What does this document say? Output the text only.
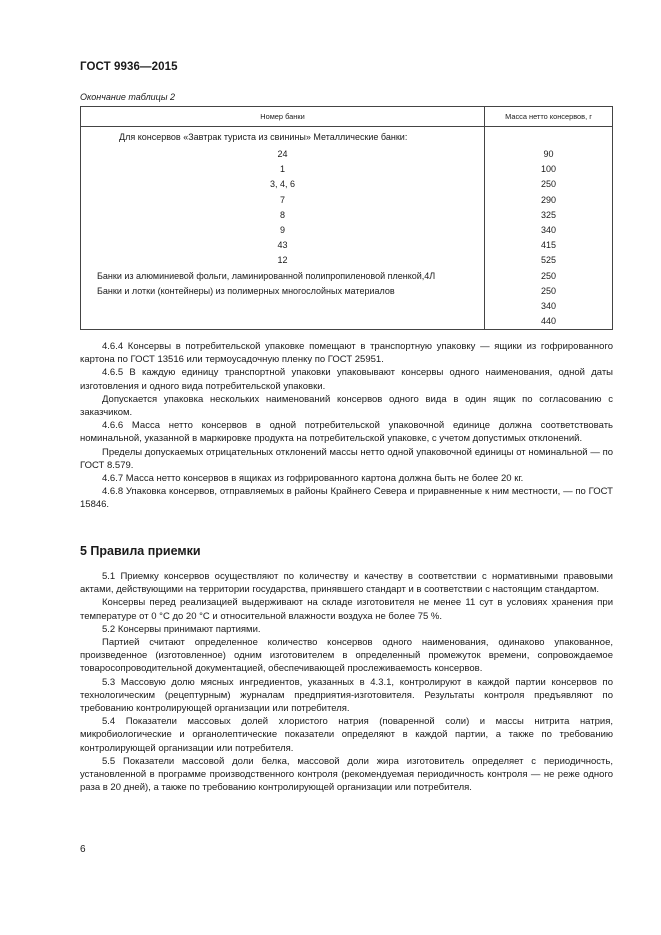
ГОСТ 9936—2015
Окончание таблицы 2
Номер банки	Масса нетто консервов, г
Для консервов «Завтрак туриста из свинины» Металлические банки:	
24	90
1	100
3, 4, 6	250
7	290
8	325
9	340
43	415
12	525
Банки из алюминиевой фольги, ламинированной полипропиленовой пленкой,4Л	250
Банки и лотки (контейнеры) из полимерных многослойных материалов	250
	340
	440

4.6.4 Консервы в потребительской упаковке помещают в транспортную упаковку — ящики из гофрированного картона по ГОСТ 13516 или термоусадочную пленку по ГОСТ 25951.

4.6.5 В каждую единицу транспортной упаковки упаковывают консервы одного наименования, одной даты изготовления и одного вида потребительской упаковки.

Допускается упаковка нескольких наименований консервов одного вида в один ящик по согласованию с заказчиком.

4.6.6 Масса нетто консервов в одной потребительской упаковочной единице должна соответствовать номинальной, указанной в маркировке продукта на потребительской упаковке, с учетом допустимых отклонений.

Пределы допускаемых отрицательных отклонений массы нетто одной упаковочной единицы от номинальной — по ГОСТ 8.579.

4.6.7 Масса нетто консервов в ящиках из гофрированного картона должна быть не более 20 кг.

4.6.8 Упаковка консервов, отправляемых в районы Крайнего Севера и приравненные к ним местности, — по ГОСТ 15846.

5 Правила приемки

5.1 Приемку консервов осуществляют по количеству и качеству в соответствии с нормативными правовыми актами, действующими на территории государства, принявшего стандарт и в соответствии с настоящим стандартом.

Консервы перед реализацией выдерживают на складе изготовителя не менее 11 сут в условиях хранения при температуре от 0 °С до 20 °С и относительной влажности воздуха не более 75 %.

5.2 Консервы принимают партиями.

Партией считают определенное количество консервов одного наименования, одинаково упакованное, произведенное (изготовленное) одним изготовителем в определенный промежуток времени, сопровождаемое товаросопроводительной документацией, обеспечивающей прослеживаемость консервов.

5.3 Массовую долю мясных ингредиентов, указанных в 4.3.1, контролируют в каждой партии консервов по технологическим (рецептурным) журналам предприятия-изготовителя. Результаты контроля предъявляют по требованию контролирующей организации или потребителя.

5.4 Показатели массовых долей хлористого натрия (поваренной соли) и массы нитрита натрия, микробиологические и органолептические показатели определяют в каждой партии, а также по требованию контролирующей организации или потребителя.

5.5 Показатели массовой доли белка, массовой доли жира изготовитель определяет с периодичность, установленной в программе производственного контроля (рекомендуемая периодичность контроля — не реже одного раза в 20 дней), а также по требованию контролирующей организации или потребителя.

6
